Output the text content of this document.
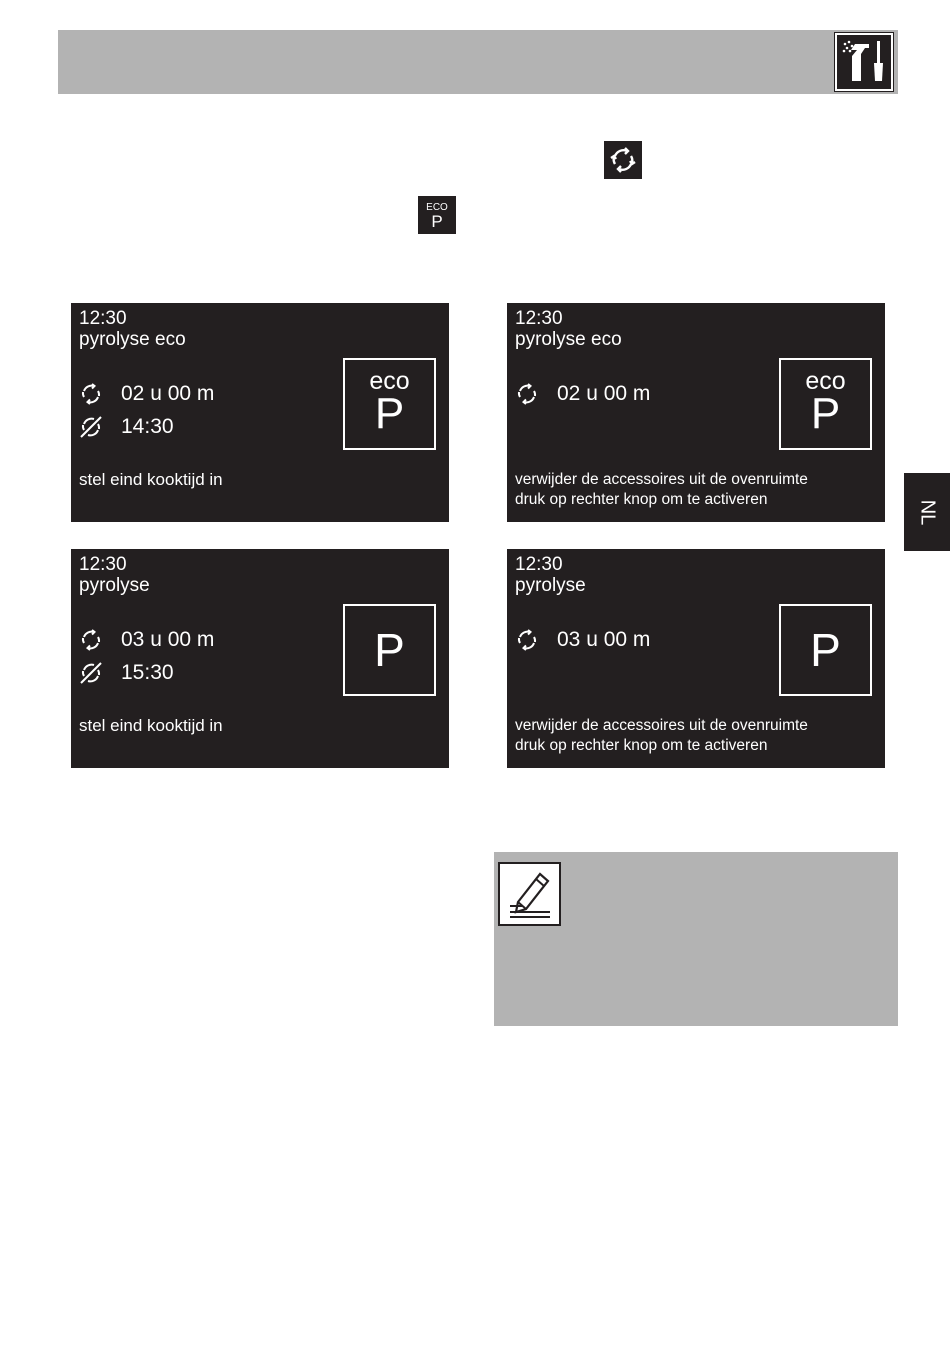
ECO
P
12:30
pyrolyse eco
02 u 00 m
14:30
stel eind kooktijd in
eco
P
12:30
pyrolyse eco
02 u 00 m
verwijder de accessoires uit de ovenruimte
druk op rechter knop om te activeren
eco
P
12:30
pyrolyse
03 u 00 m
15:30
stel eind kooktijd in
P
12:30
pyrolyse
03 u 00 m
verwijder de accessoires uit de ovenruimte
druk op rechter knop om te activeren
P
NL
